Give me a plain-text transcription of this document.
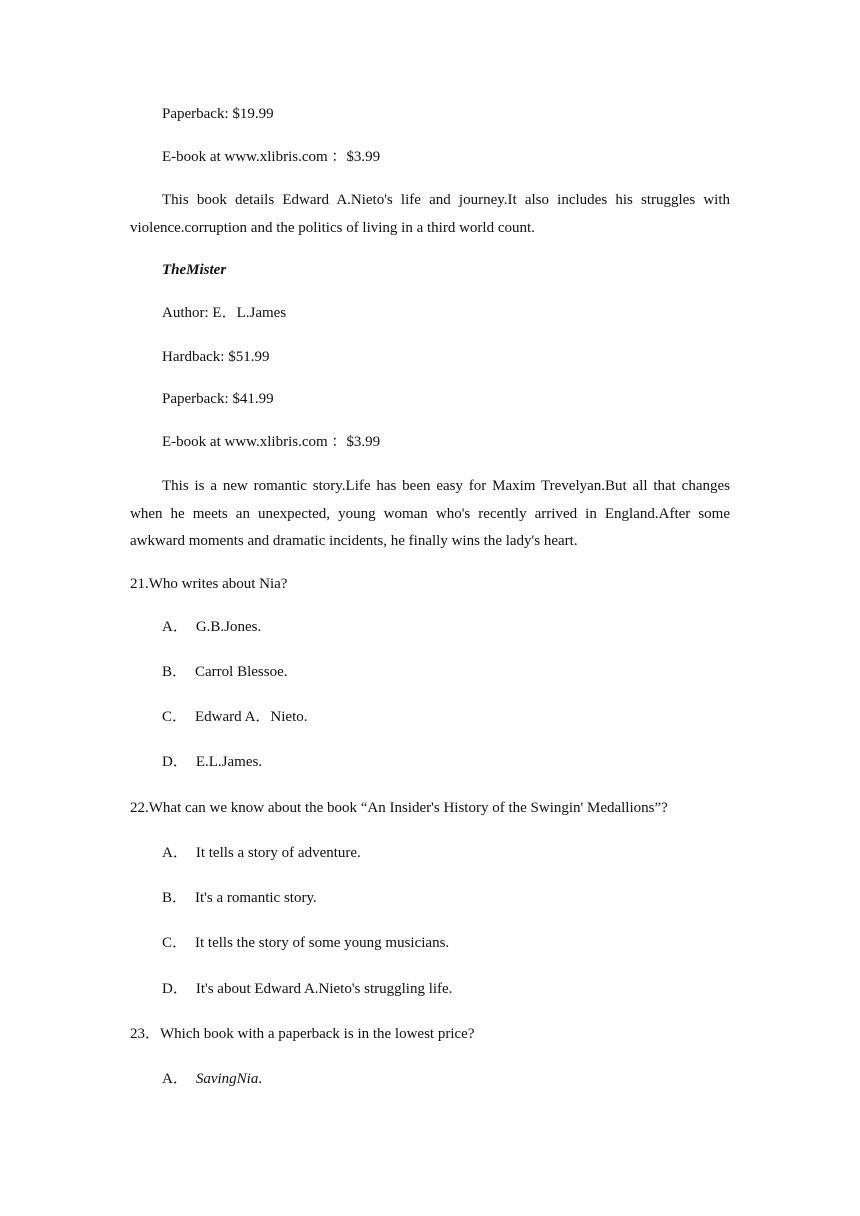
Paperback: $19.99
E-book at www.xlibris.com ：$3.99
This book details Edward A.Nieto's life and journey.It also includes his struggles with violence.corruption and the politics of living in a third world count.
TheMister
Author: E．L.James
Hardback: $51.99
Paperback: $41.99
E-book at www.xlibris.com ：$3.99
This is a new romantic story.Life has been easy for Maxim Trevelyan.But all that changes when he meets an unexpected, young woman who's recently arrived in England.After some awkward moments and dramatic incidents, he finally wins the lady's heart.
21.Who writes about Nia?
A． G.B.Jones.
B． Carrol Blessoe.
C． Edward A．Nieto.
D． E.L.James.
22.What can we know about the book “An Insider's History of the Swingin' Medallions”?
A． It tells a story of adventure.
B． It's a romantic story.
C． It tells the story of some young musicians.
D． It's about Edward A.Nieto's struggling life.
23．Which book with a paperback is in the lowest price?
A． SavingNia.
